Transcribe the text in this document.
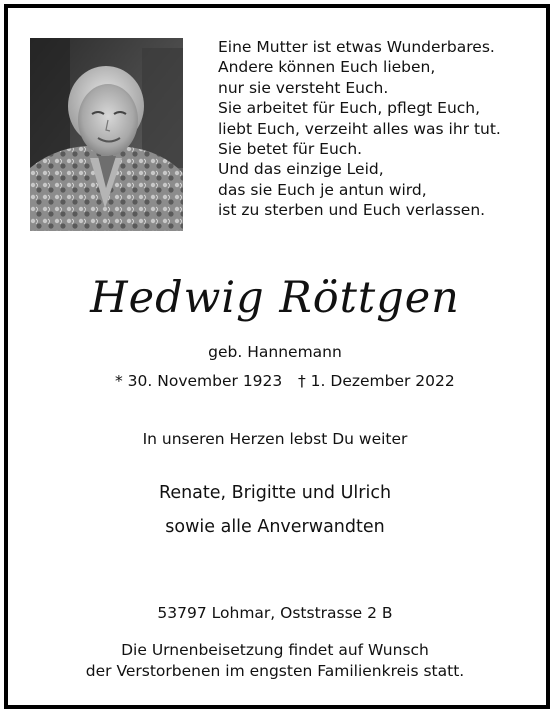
Eine Mutter ist etwas Wunderbares.
Andere können Euch lieben,
nur sie versteht Euch.
Sie arbeitet für Euch, pflegt Euch,
liebt Euch, verzeiht alles was ihr tut.
Sie betet für Euch.
Und das einzige Leid,
das sie Euch je antun wird,
ist zu sterben und Euch verlassen.
Hedwig Röttgen
geb. Hannemann
* 30. November 1923 † 1. Dezember 2022
In unseren Herzen lebst Du weiter
Renate, Brigitte und Ulrich
sowie alle Anverwandten
53797 Lohmar, Oststrasse 2 B
Die Urnenbeisetzung findet auf Wunsch
der Verstorbenen im engsten Familienkreis statt.
